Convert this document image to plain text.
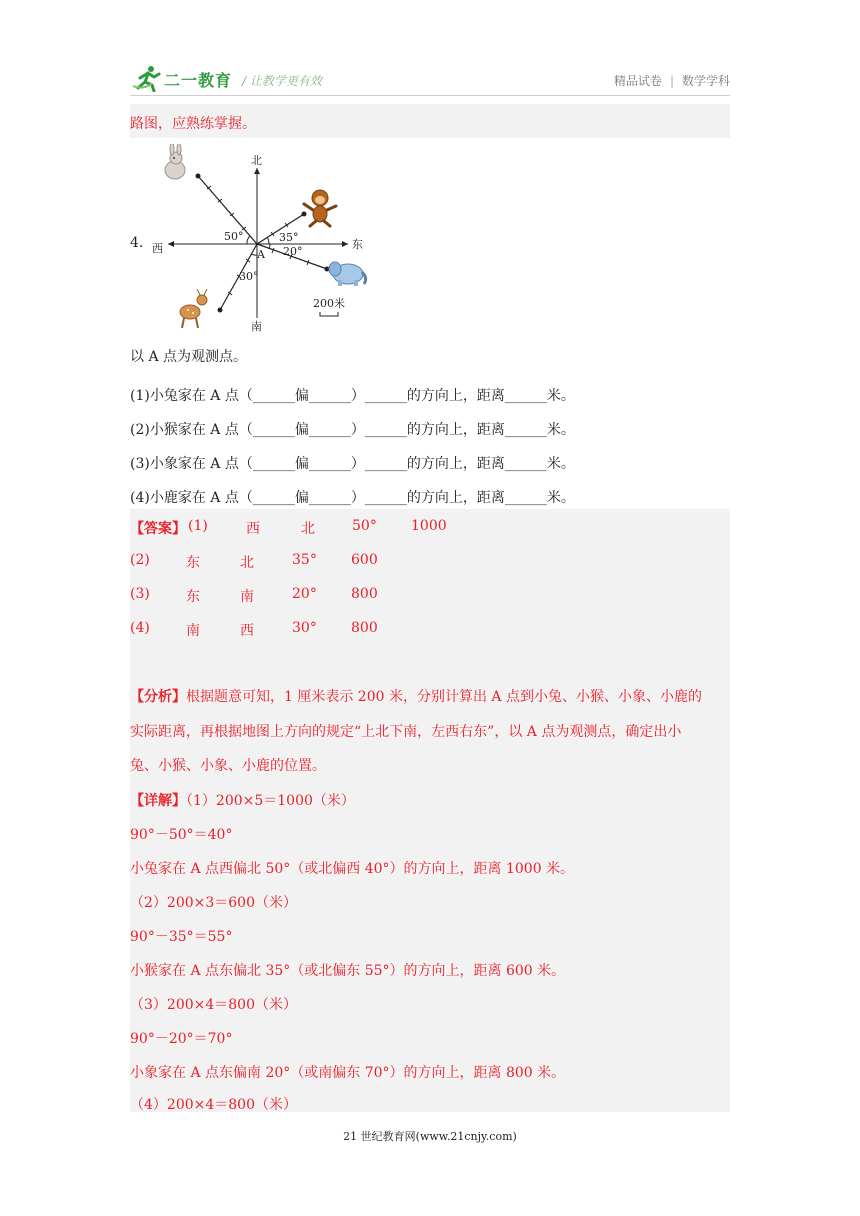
二一教育 / 让教学更有效	精品试卷 | 数学学科
路图，应熟练掌握。
4．
北
南
东
西	A
50°	35°
20°
30°
200米
以 A 点为观测点。
(1)小兔家在 A 点（______偏______）______的方向上，距离______米。
(2)小猴家在 A 点（______偏______）______的方向上，距离______米。
(3)小象家在 A 点（______偏______）______的方向上，距离______米。
(4)小鹿家在 A 点（______偏______）______的方向上，距离______米。
【答案】 (1)	西	北	50° 1000
(2)	东	北	35° 600
(3)	东	南	20° 800
(4)	南	西	30° 800
【分析】根据题意可知，1 厘米表示 200 米，分别计算出 A 点到小兔、小猴、小象、小鹿的
实际距离，再根据地图上方向的规定“上北下南，左西右东”，以 A 点为观测点，确定出小
兔、小猴、小象、小鹿的位置。
【详解】（1）200×5＝1000（米）
90°－50°＝40°
小兔家在 A 点西偏北 50°（或北偏西 40°）的方向上，距离 1000 米。
（2）200×3＝600（米）
90°－35°＝55°
小猴家在 A 点东偏北 35°（或北偏东 55°）的方向上，距离 600 米。
（3）200×4＝800（米）
90°－20°＝70°
小象家在 A 点东偏南 20°（或南偏东 70°）的方向上，距离 800 米。
（4）200×4＝800（米）
21 世纪教育网(www.21cnjy.com)
